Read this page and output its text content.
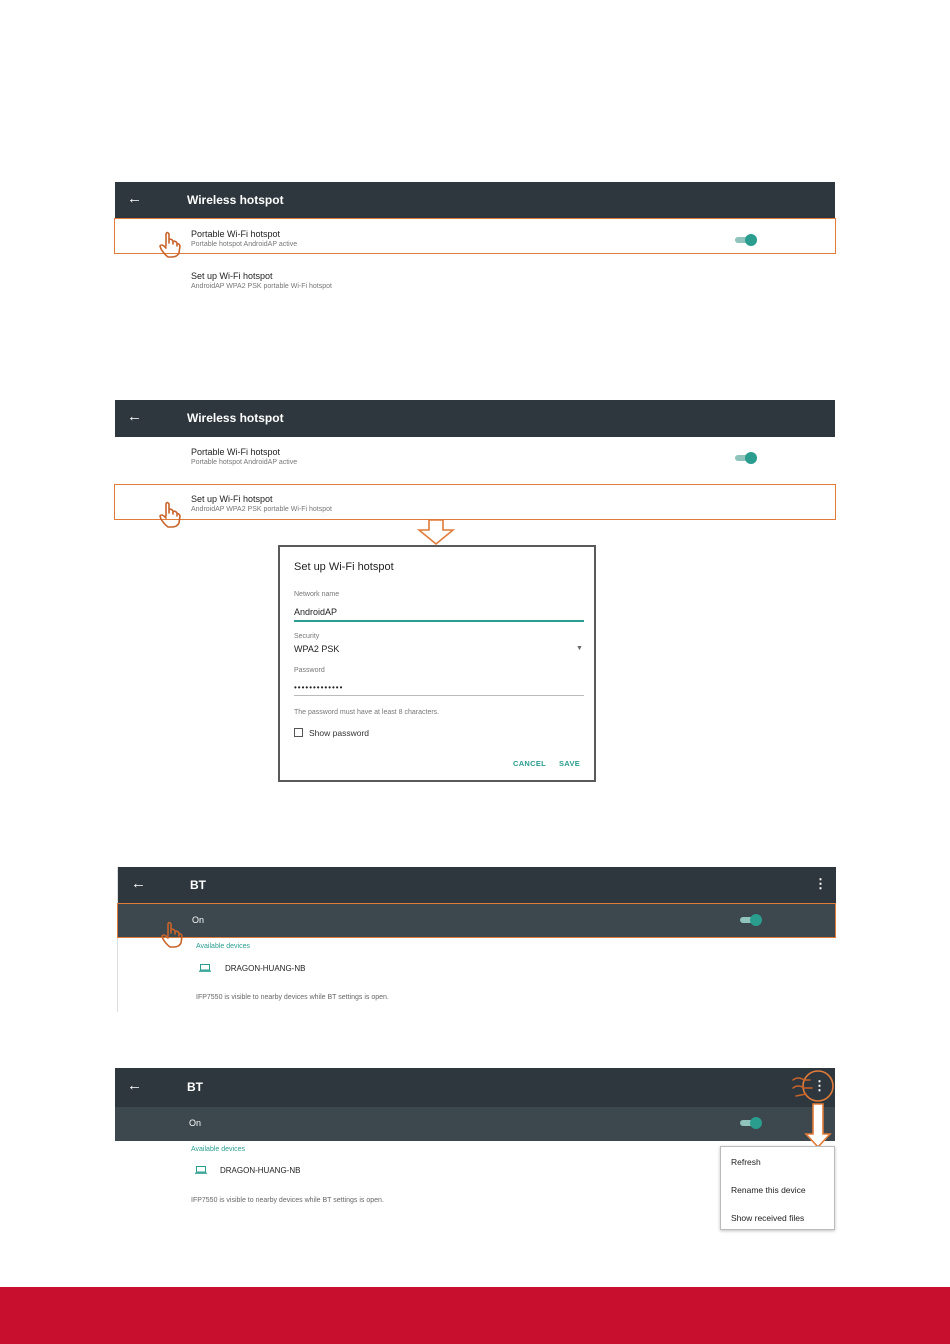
←	Wireless hotspot
Portable Wi-Fi hotspot
Portable hotspot AndroidAP active
Set up Wi-Fi hotspot
AndroidAP WPA2 PSK portable Wi-Fi hotspot
←	Wireless hotspot
Portable Wi-Fi hotspot
Portable hotspot AndroidAP active
Set up Wi-Fi hotspot
AndroidAP WPA2 PSK portable Wi-Fi hotspot
Set up Wi-Fi hotspot
Network name
AndroidAP
Security
WPA2 PSK	▼
Password
•••••••••••••
The password must have at least 8 characters.
Show password
CANCEL SAVE
←	BT	⋮
On
Available devices
DRAGON-HUANG-NB
IFP7550 is visible to nearby devices while BT settings is open.
←	BT	⋮
On
Available devices
DRAGON-HUANG-NB
IFP7550 is visible to nearby devices while BT settings is open.
Refresh
Rename this device
Show received files
